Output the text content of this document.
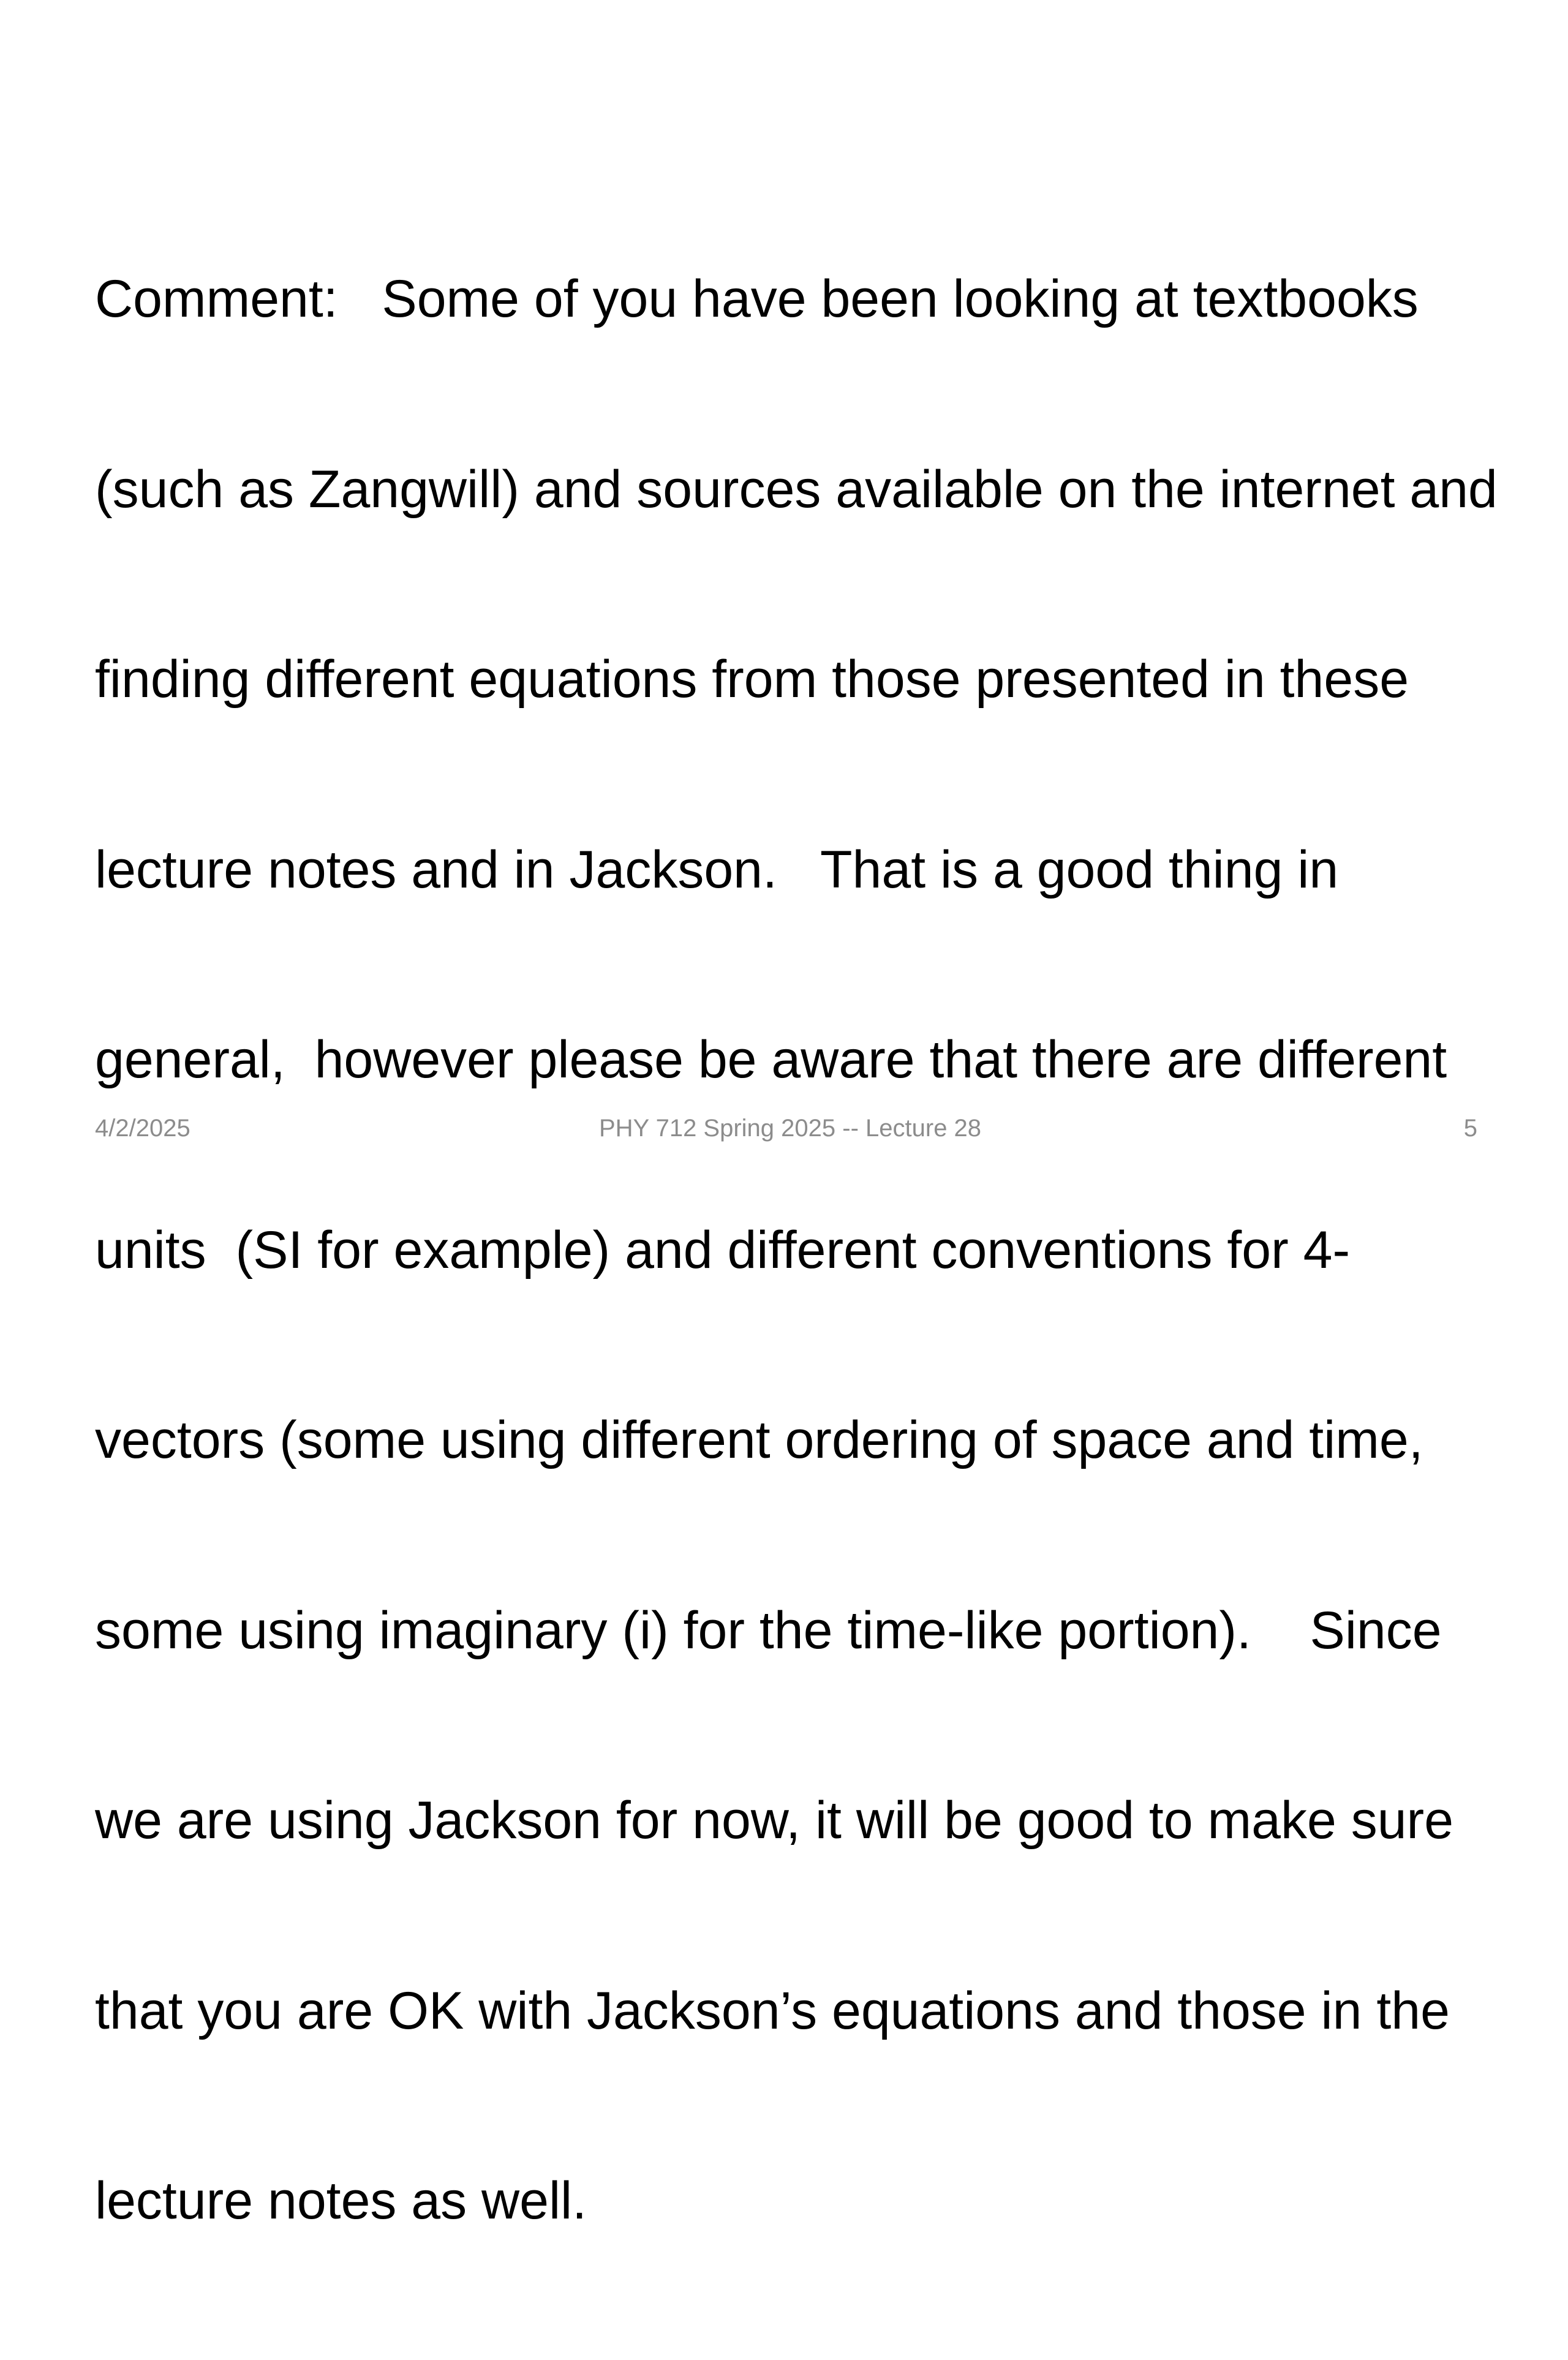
Comment:   Some of you have been looking at textbooks

(such as Zangwill) and sources available on the internet and

finding different equations from those presented in these

lecture notes and in Jackson.   That is a good thing in

general,  however please be aware that there are different

units  (SI for example) and different conventions for 4-

vectors (some using different ordering of space and time,

some using imaginary (i) for the time-like portion).    Since

we are using Jackson for now, it will be good to make sure

that you are OK with Jackson’s equations and those in the

lecture notes as well.

4/2/2025	PHY 712 Spring 2025 -- Lecture 28	5
